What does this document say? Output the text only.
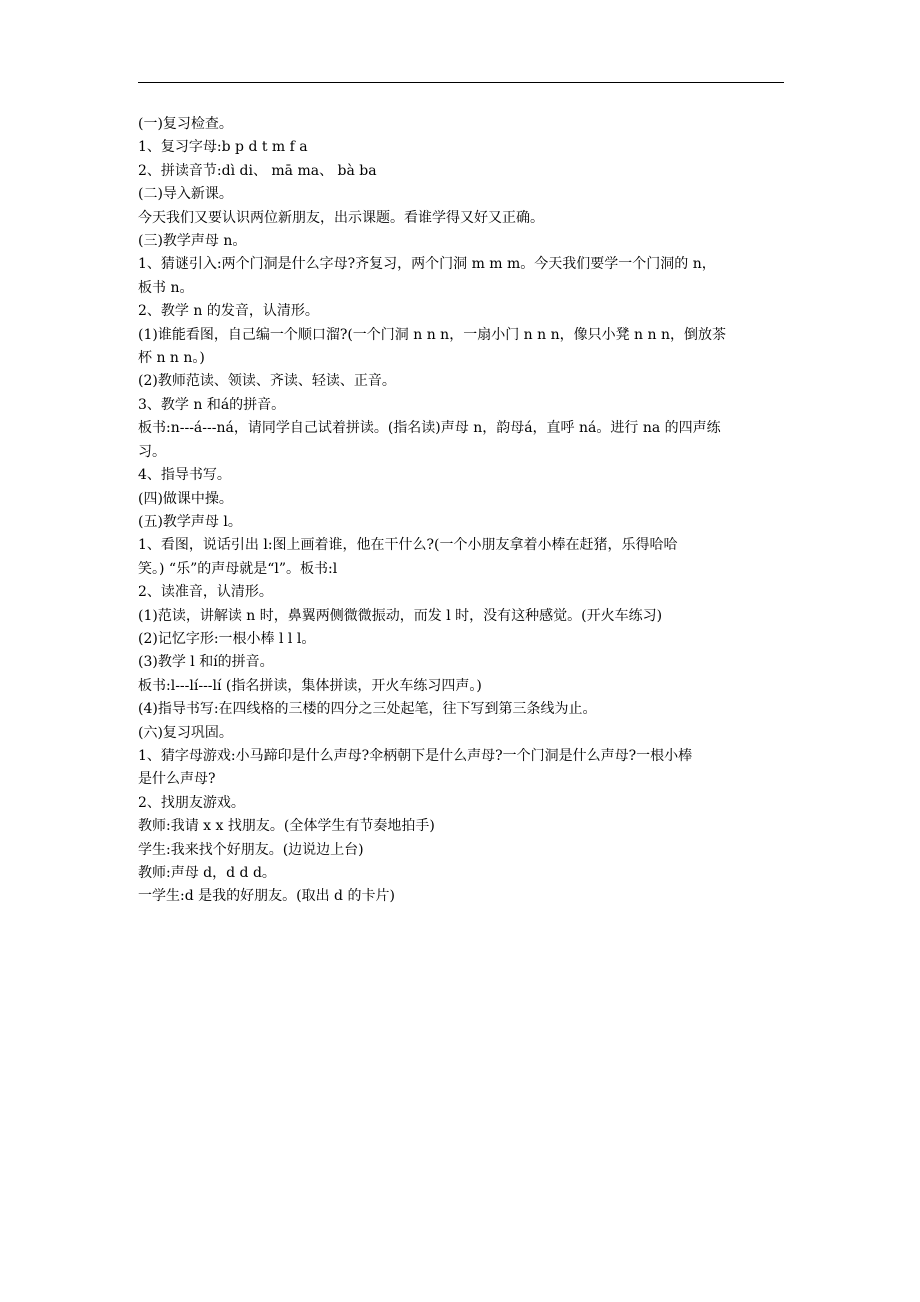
(一)复习检查。

1、复习字母:b p d t m f a

2、拼读音节:dì di、 mā ma、 bà ba

(二)导入新课。

今天我们又要认识两位新朋友，出示课题。看谁学得又好又正确。

(三)教学声母 n。

1、猜谜引入:两个门洞是什么字母?齐复习，两个门洞 m m m。今天我们要学一个门洞的 n，

板书 n。

2、教学 n 的发音，认清形。

(1)谁能看图，自己编一个顺口溜?(一个门洞 n n n，一扇小门 n n n，像只小凳 n n n，倒放茶

杯 n n n。)

(2)教师范读、领读、齐读、轻读、正音。

3、教学 n 和á的拼音。

板书:n---á---ná，请同学自己试着拼读。(指名读)声母 n，韵母á，直呼 ná。进行 na 的四声练

习。

4、指导书写。

(四)做课中操。

(五)教学声母 l。

1、看图，说话引出 l:图上画着谁，他在干什么?(一个小朋友拿着小棒在赶猪，乐得哈哈

笑。) “乐”的声母就是“l”。板书:l

2、读准音，认清形。

(1)范读，讲解读 n 时，鼻翼两侧微微振动，而发 l 时，没有这种感觉。(开火车练习)

(2)记忆字形:一根小棒 l l l。

(3)教学 l 和í的拼音。

板书:l---lí---lí (指名拼读，集体拼读，开火车练习四声。)

(4)指导书写:在四线格的三楼的四分之三处起笔，往下写到第三条线为止。

(六)复习巩固。

1、猜字母游戏:小马蹄印是什么声母?伞柄朝下是什么声母?一个门洞是什么声母?一根小棒

是什么声母?

2、找朋友游戏。

教师:我请 x x 找朋友。(全体学生有节奏地拍手)

学生:我来找个好朋友。(边说边上台)

教师:声母 d，d d d。

一学生:d 是我的好朋友。(取出 d 的卡片)
